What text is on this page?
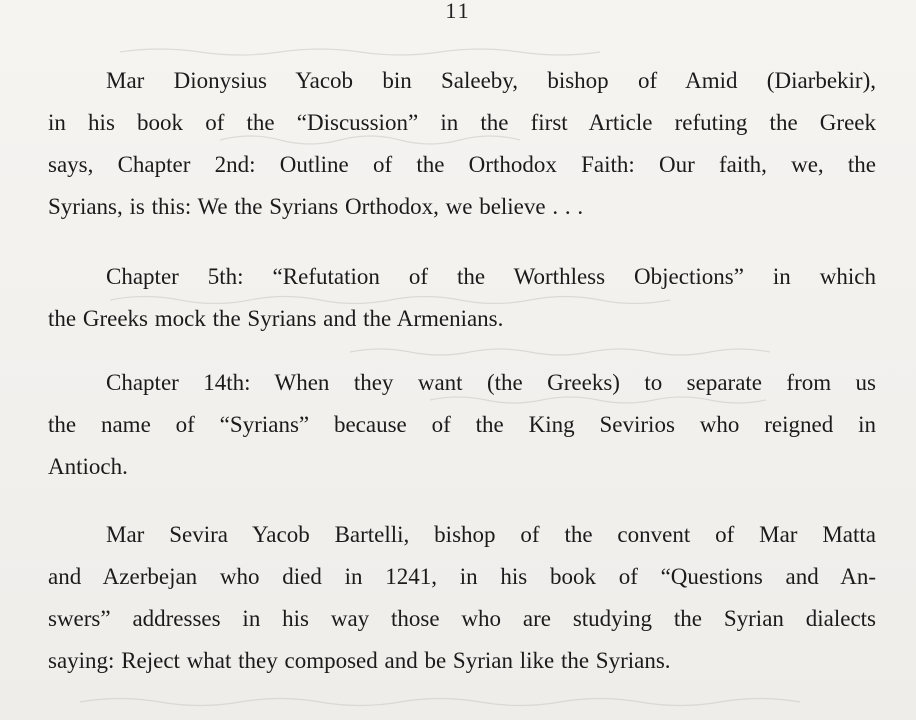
11
Mar Dionysius Yacob bin Saleeby, bishop of Amid (Diarbekir),
in his book of the “Discussion” in the first Article refuting the Greek
says, Chapter 2nd: Outline of the Orthodox Faith: Our faith, we, the
Syrians, is this: We the Syrians Orthodox, we believe . . .
Chapter 5th: “Refutation of the Worthless Objections” in which
the Greeks mock the Syrians and the Armenians.
Chapter 14th: When they want (the Greeks) to separate from us
the name of “Syrians” because of the King Sevirios who reigned in
Antioch.
Mar Sevira Yacob Bartelli, bishop of the convent of Mar Matta
and Azerbejan who died in 1241, in his book of “Questions and An-
swers” addresses in his way those who are studying the Syrian dialects
saying: Reject what they composed and be Syrian like the Syrians.
